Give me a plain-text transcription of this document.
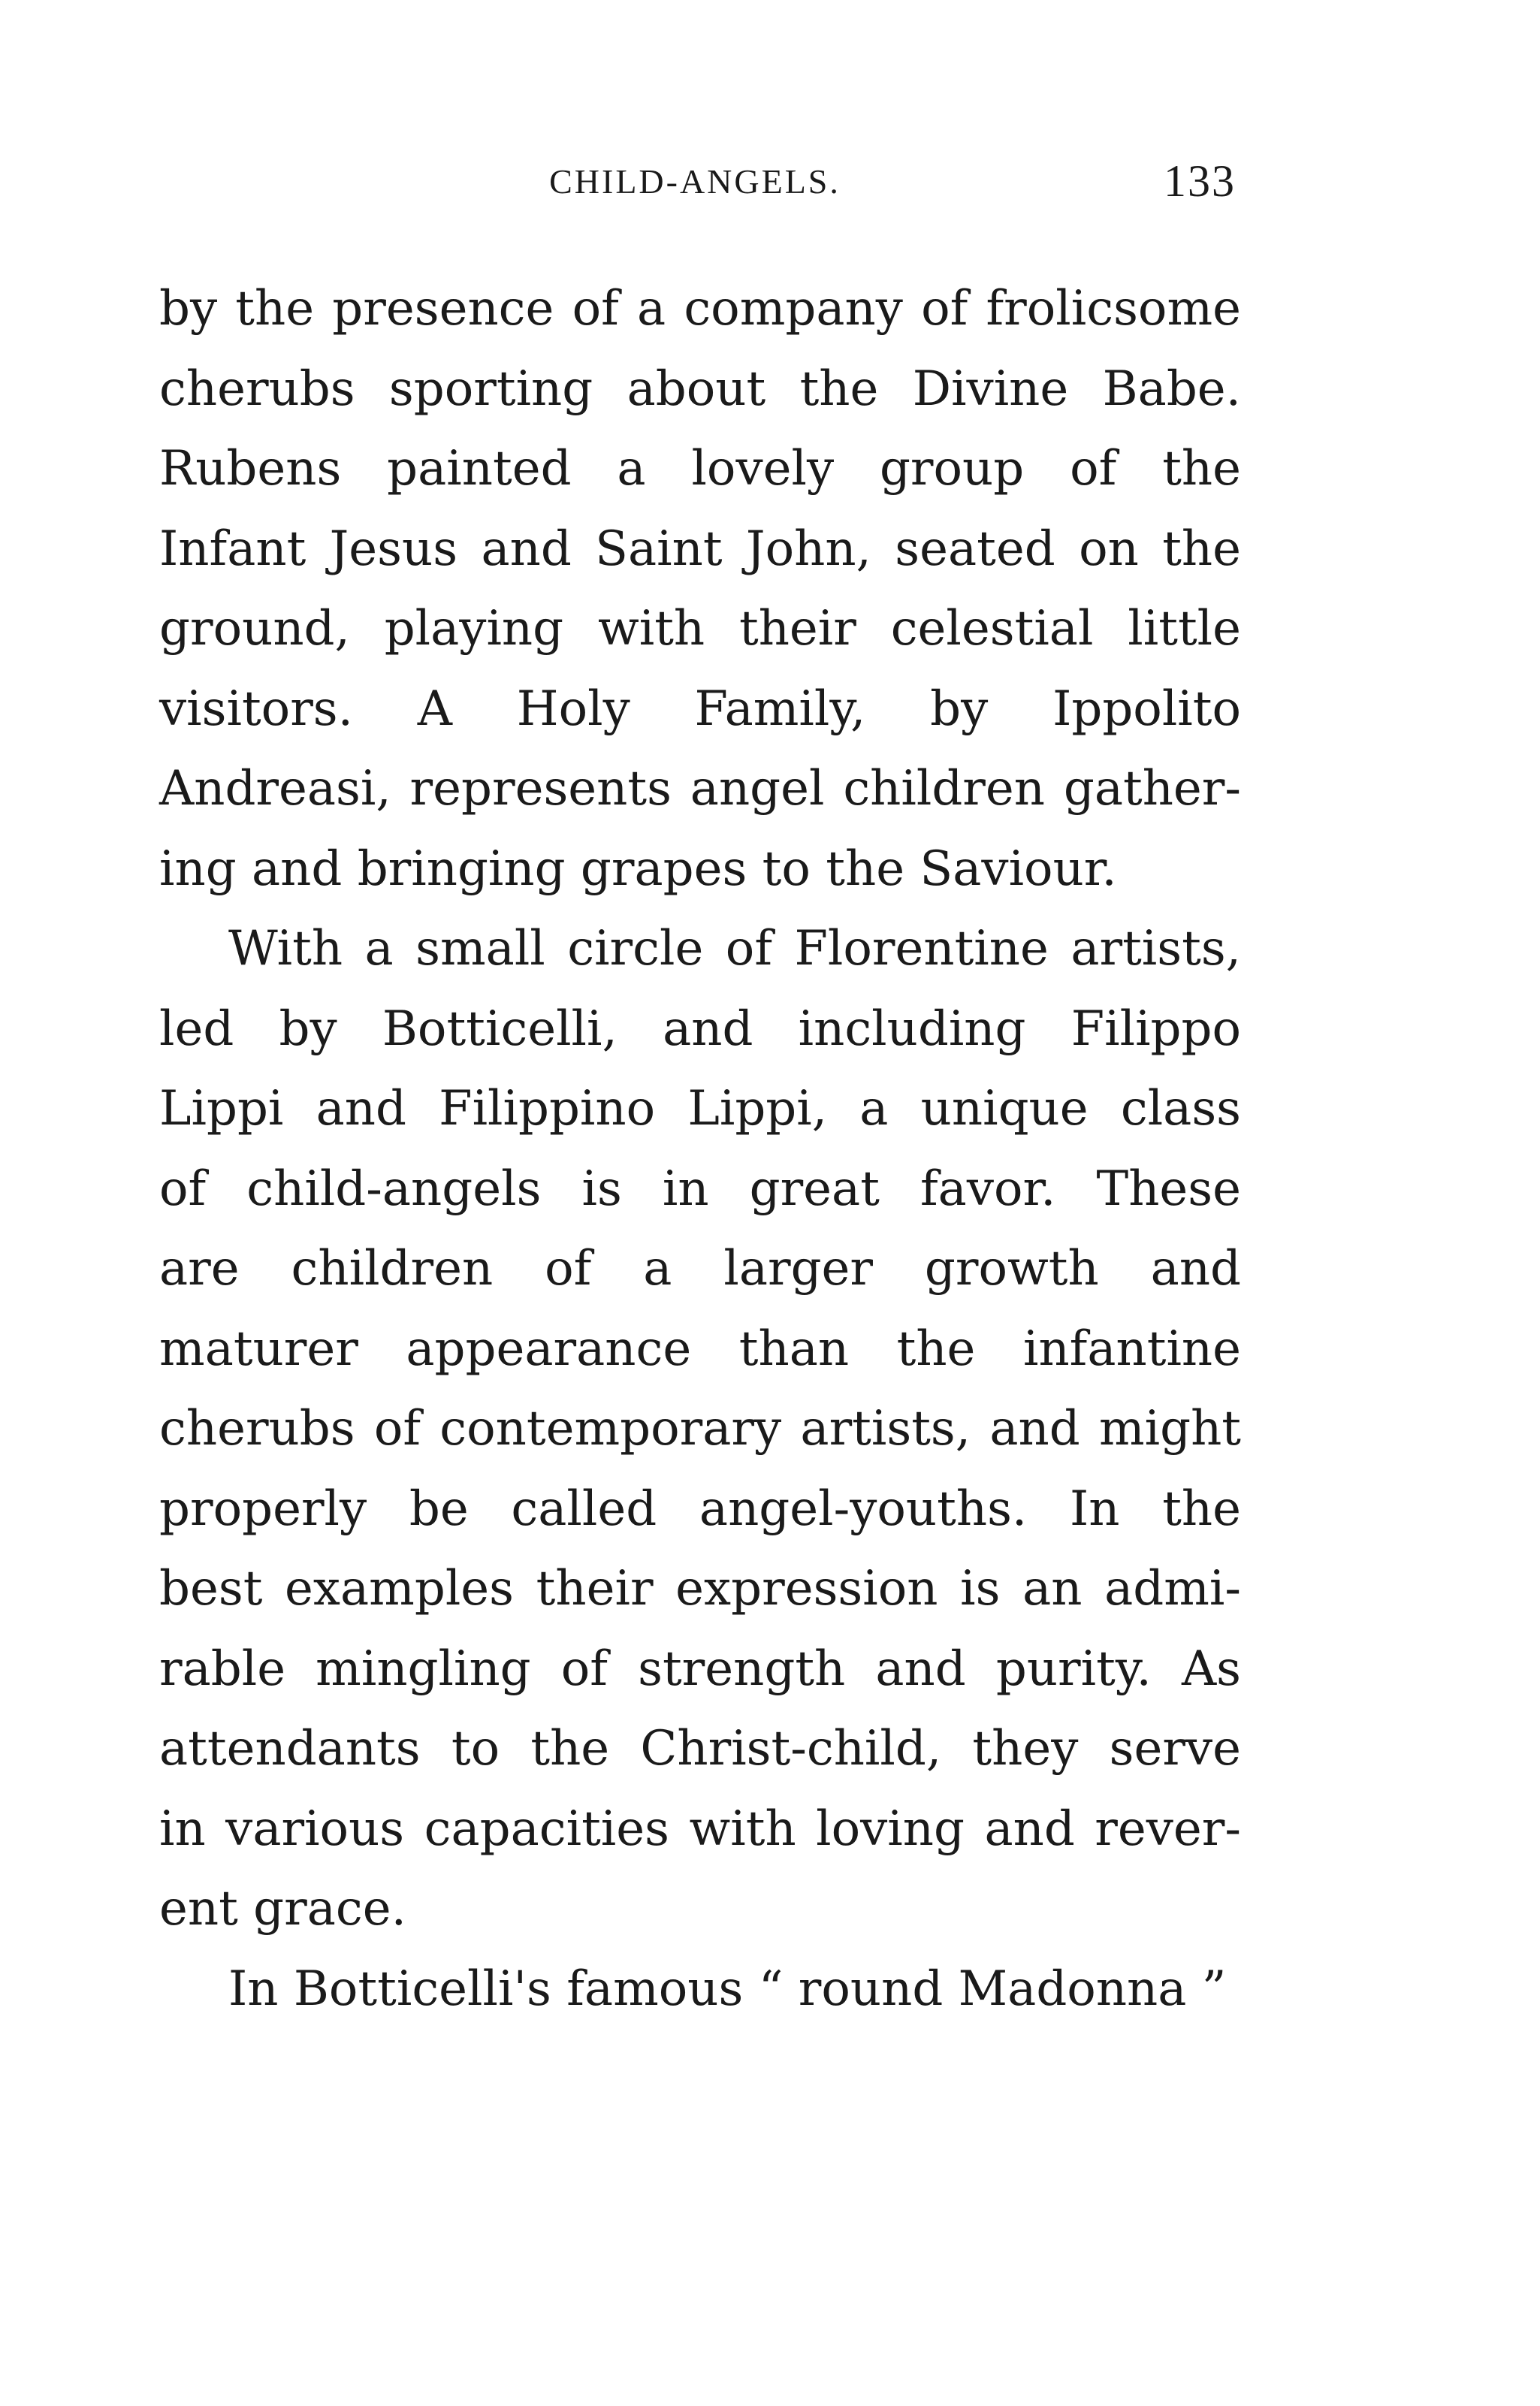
CHILD-ANGELS.	133
by the presence of a company of frolicsome
cherubs sporting about the Divine Babe.
Rubens painted a lovely group of the
Infant Jesus and Saint John, seated on the
ground, playing with their celestial little
visitors. A Holy Family, by Ippolito
Andreasi, represents angel children gather-
ing and bringing grapes to the Saviour.
With a small circle of Florentine artists,
led by Botticelli, and including Filippo
Lippi and Filippino Lippi, a unique class
of child-angels is in great favor. These
are children of a larger growth and
maturer appearance than the infantine
cherubs of contemporary artists, and might
properly be called angel-youths. In the
best examples their expression is an admi-
rable mingling of strength and purity. As
attendants to the Christ-child, they serve
in various capacities with loving and rever-
ent grace.
In Botticelli's famous “ round Madonna ”
